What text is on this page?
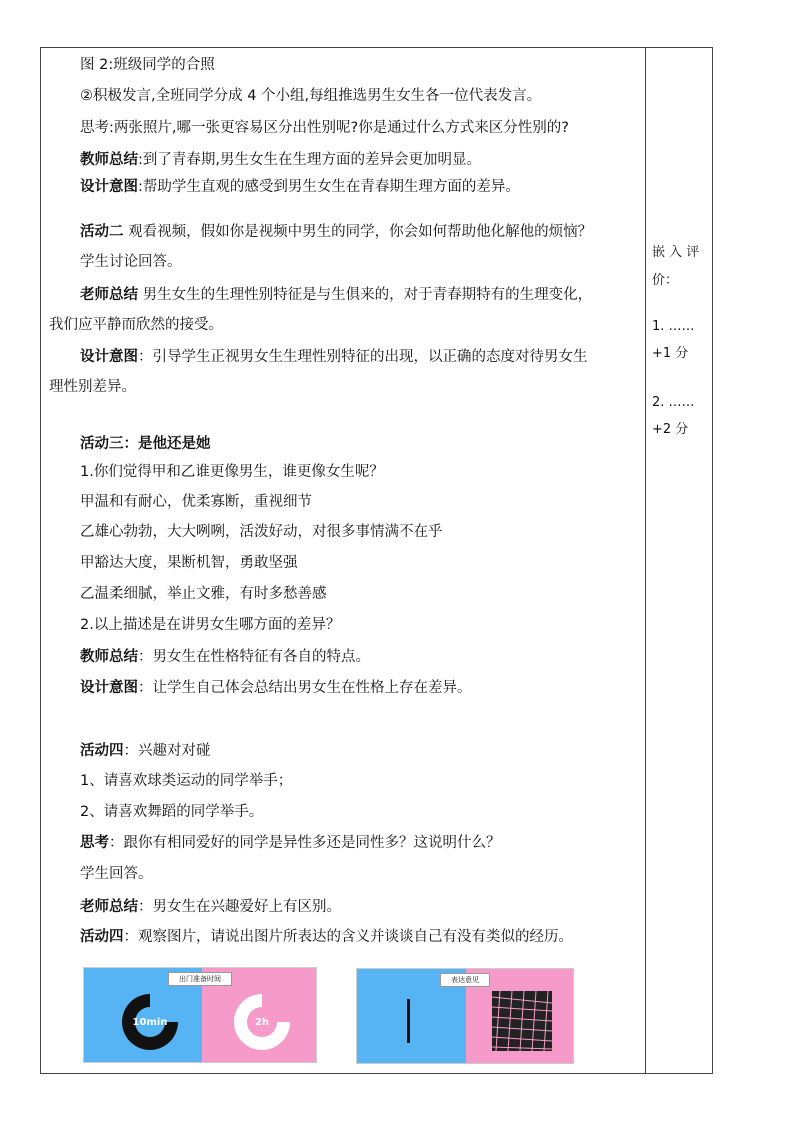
图 2:班级同学的合照
②积极发言,全班同学分成 4 个小组,每组推选男生女生各一位代表发言。
思考:两张照片,哪一张更容易区分出性别呢?你是通过什么方式来区分性别的?
教师总结:到了青春期,男生女生在生理方面的差异会更加明显。
设计意图:帮助学生直观的感受到男生女生在青春期生理方面的差异。
活动二 观看视频，假如你是视频中男生的同学，你会如何帮助他化解他的烦恼？
学生讨论回答。
老师总结 男生女生的生理性别特征是与生俱来的，对于青春期特有的生理变化，
我们应平静而欣然的接受。
设计意图：引导学生正视男女生生理性别特征的出现，以正确的态度对待男女生
理性别差异。
活动三：是他还是她
1.你们觉得甲和乙谁更像男生，谁更像女生呢？
甲温和有耐心，优柔寡断，重视细节
乙雄心勃勃，大大咧咧，活泼好动，对很多事情满不在乎
甲豁达大度，果断机智，勇敢坚强
乙温柔细腻，举止文雅，有时多愁善感
2.以上描述是在讲男女生哪方面的差异？
教师总结：男女生在性格特征有各自的特点。
设计意图：让学生自己体会总结出男女生在性格上存在差异。
活动四：兴趣对对碰
1、请喜欢球类运动的同学举手；
2、请喜欢舞蹈的同学举手。
思考：跟你有相同爱好的同学是异性多还是同性多？这说明什么？
学生回答。
老师总结：男女生在兴趣爱好上有区别。
活动四：观察图片，请说出图片所表达的含义并谈谈自己有没有类似的经历。
嵌 入 评
价：
1. ……
+1 分
2. ……
+2 分
出门准备时间
10min	2h
表达意见
